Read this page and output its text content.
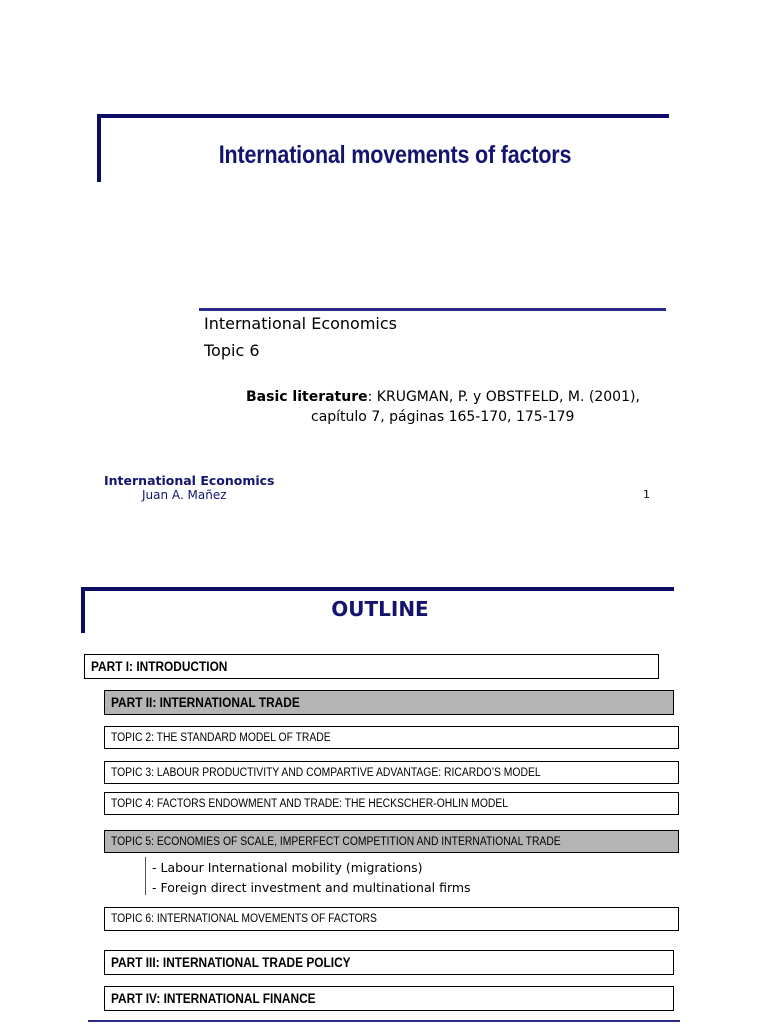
International movements of factors
International Economics
Topic 6
Basic literature: KRUGMAN, P. y OBSTFELD, M. (2001),
capítulo 7, páginas 165-170, 175-179
International Economics
Juan A. Mañez	1
OUTLINE
PART I: INTRODUCTION
PART II: INTERNATIONAL TRADE
TOPIC 2: THE STANDARD MODEL OF TRADE
TOPIC 3: LABOUR PRODUCTIVITY AND COMPARTIVE ADVANTAGE: RICARDO’S MODEL
TOPIC 4: FACTORS ENDOWMENT AND TRADE: THE HECKSCHER-OHLIN MODEL
TOPIC 5: ECONOMIES OF SCALE, IMPERFECT COMPETITION AND INTERNATIONAL TRADE
- Labour International mobility (migrations)
- Foreign direct investment and multinational firms
TOPIC 6: INTERNATIONAL MOVEMENTS OF FACTORS
PART III: INTERNATIONAL TRADE POLICY
PART IV: INTERNATIONAL FINANCE
